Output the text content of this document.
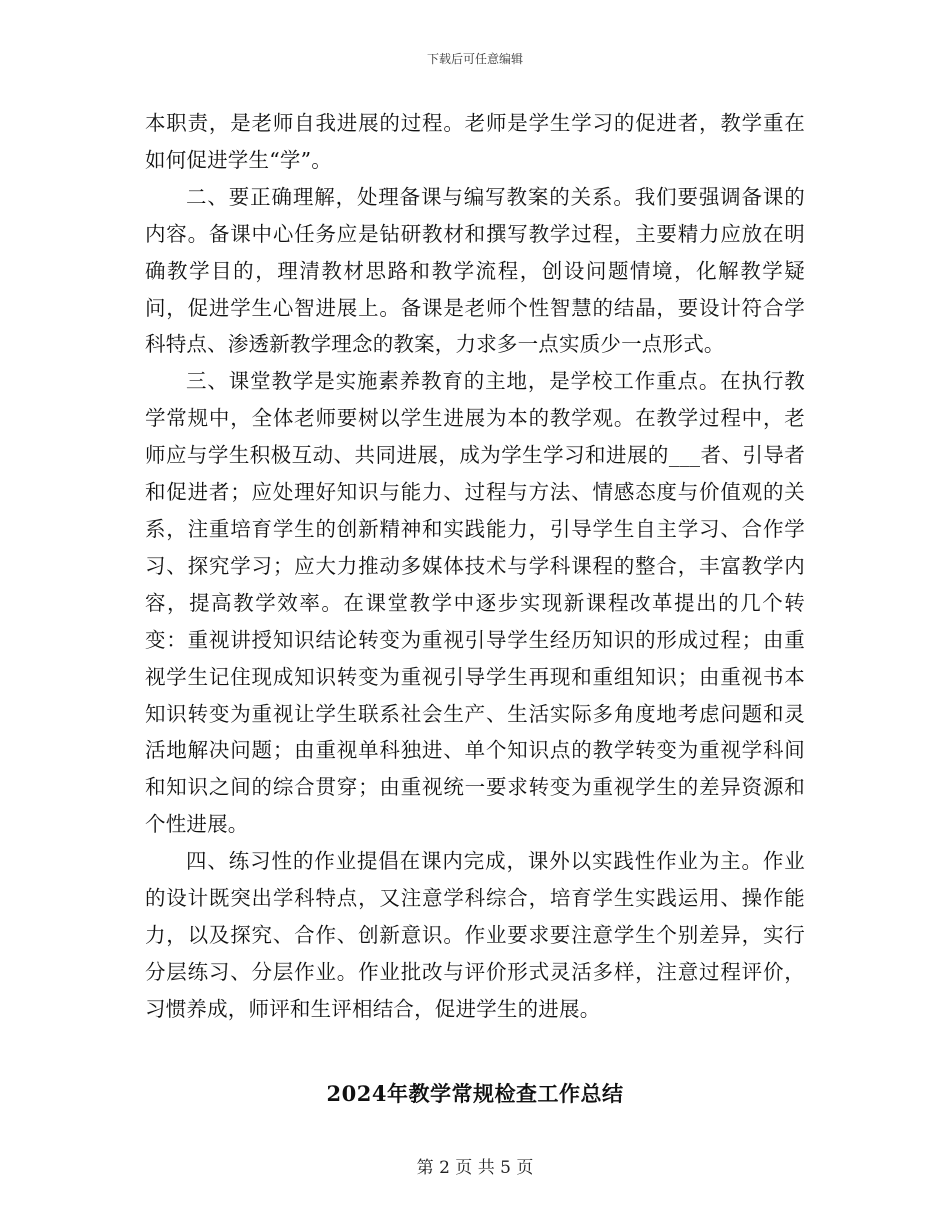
下载后可任意编辑

本职责，是老师自我进展的过程。老师是学生学习的促进者，教学重在如何促进学生“学”。

二、要正确理解，处理备课与编写教案的关系。我们要强调备课的内容。备课中心任务应是钻研教材和撰写教学过程，主要精力应放在明确教学目的，理清教材思路和教学流程，创设问题情境，化解教学疑问，促进学生心智进展上。备课是老师个性智慧的结晶，要设计符合学科特点、渗透新教学理念的教案，力求多一点实质少一点形式。

三、课堂教学是实施素养教育的主地，是学校工作重点。在执行教学常规中，全体老师要树以学生进展为本的教学观。在教学过程中，老师应与学生积极互动、共同进展，成为学生学习和进展的___者、引导者和促进者；应处理好知识与能力、过程与方法、情感态度与价值观的关系，注重培育学生的创新精神和实践能力，引导学生自主学习、合作学习、探究学习；应大力推动多媒体技术与学科课程的整合，丰富教学内容，提高教学效率。在课堂教学中逐步实现新课程改革提出的几个转变：重视讲授知识结论转变为重视引导学生经历知识的形成过程；由重视学生记住现成知识转变为重视引导学生再现和重组知识；由重视书本知识转变为重视让学生联系社会生产、生活实际多角度地考虑问题和灵活地解决问题；由重视单科独进、单个知识点的教学转变为重视学科间和知识之间的综合贯穿；由重视统一要求转变为重视学生的差异资源和个性进展。

四、练习性的作业提倡在课内完成，课外以实践性作业为主。作业的设计既突出学科特点，又注意学科综合，培育学生实践运用、操作能力，以及探究、合作、创新意识。作业要求要注意学生个别差异，实行分层练习、分层作业。作业批改与评价形式灵活多样，注意过程评价，习惯养成，师评和生评相结合，促进学生的进展。

2024年教学常规检查工作总结
第 2 页 共 5 页
